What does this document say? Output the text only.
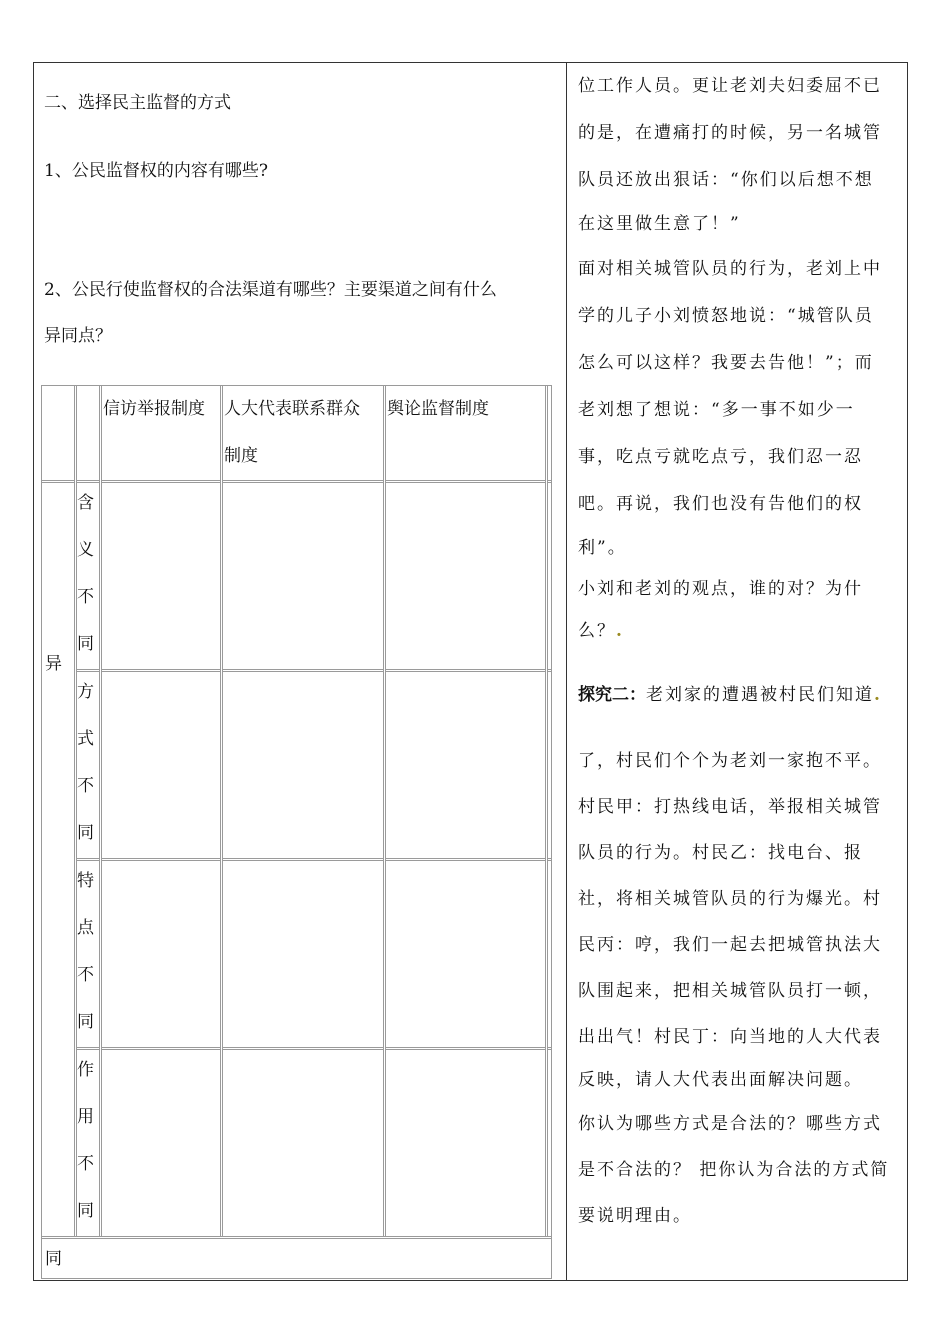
二、选择民主监督的方式
1、公民监督权的内容有哪些?
2、公民行使监督权的合法渠道有哪些？主要渠道之间有什么
异同点？
信访举报制度 人大代表联系群众
制度
舆论监督制度
异
同
含
义
不
同
方
式
不
同
特
点
不
同
作
用
不
同

位工作人员。更让老刘夫妇委屈不已

的是，在遭痛打的时候，另一名城管

队员还放出狠话：“你们以后想不想

在这里做生意了！”

面对相关城管队员的行为，老刘上中

学的儿子小刘愤怒地说：“城管队员

怎么可以这样？我要去告他！”；而

老刘想了想说：“多一事不如少一

事，吃点亏就吃点亏，我们忍一忍

吧。再说，我们也没有告他们的权

利”。

小刘和老刘的观点，谁的对？为什

么？.

探究二：老刘家的遭遇被村民们知道.

了，村民们个个为老刘一家抱不平。

村民甲：打热线电话，举报相关城管

队员的行为。村民乙：找电台、报

社，将相关城管队员的行为爆光。村

民丙：哼，我们一起去把城管执法大

队围起来，把相关城管队员打一顿，

出出气！村民丁：向当地的人大代表

反映，请人大代表出面解决问题。

你认为哪些方式是合法的？哪些方式

是不合法的？ 把你认为合法的方式简

要说明理由。
